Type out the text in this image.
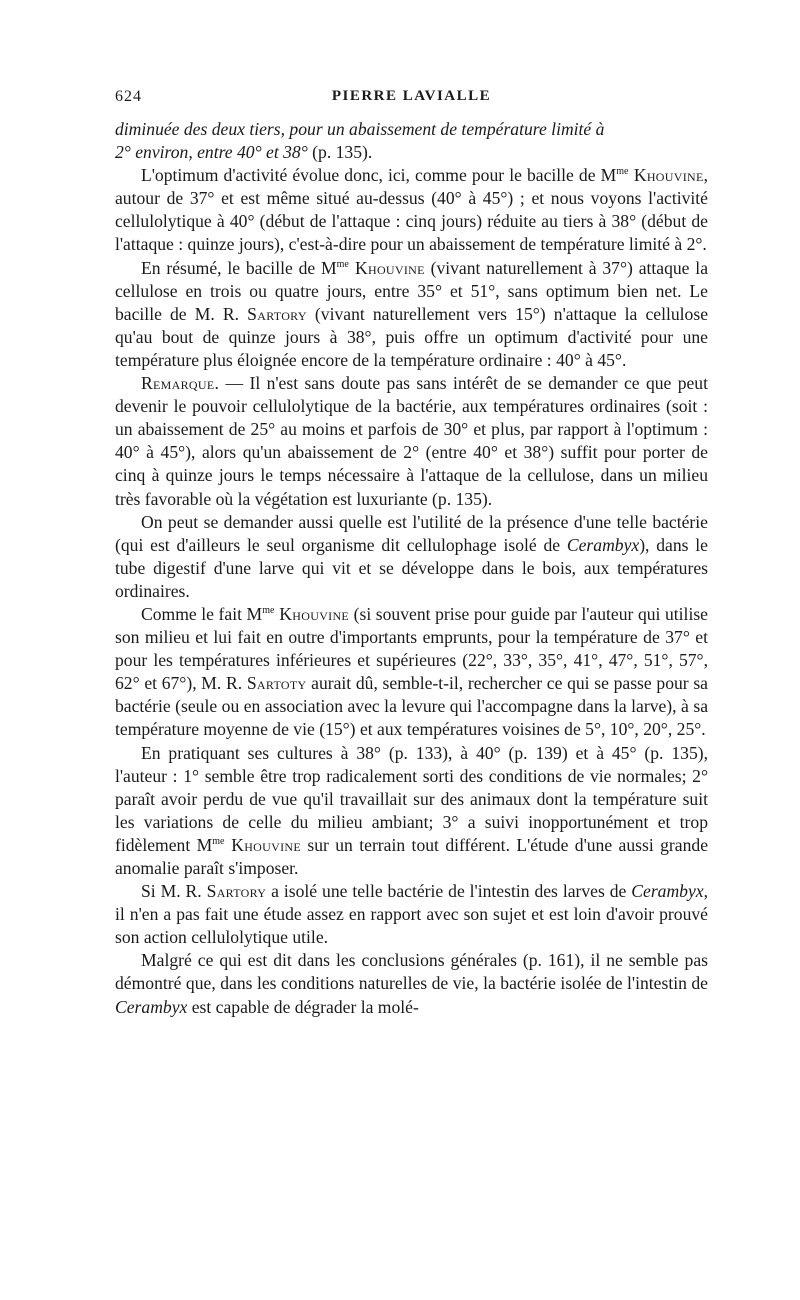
624	PIERRE LAVIALLE

diminuée des deux tiers, pour un abaissement de température limité à
2° environ, entre 40° et 38° (p. 135).

L'optimum d'activité évolue donc, ici, comme pour le bacille de $M^{me}$ Khouvine, autour de 37° et est même situé au-dessus (40° à 45°) ; et nous voyons l'activité cellulolytique à 40° (début de l'attaque : cinq jours) réduite au tiers à 38° (début de l'attaque : quinze jours), c'est-à-dire pour un abaissement de température limité à 2°.

En résumé, le bacille de $M^{me}$ Khouvine (vivant naturellement à 37°) attaque la cellulose en trois ou quatre jours, entre 35° et 51°, sans optimum bien net. Le bacille de M. R. Sartory (vivant naturellement vers 15°) n'attaque la cellulose qu'au bout de quinze jours à 38°, puis offre un optimum d'activité pour une température plus éloignée encore de la température ordinaire : 40° à 45°.

Remarque. — Il n'est sans doute pas sans intérêt de se demander ce que peut devenir le pouvoir cellulolytique de la bactérie, aux températures ordinaires (soit : un abaissement de 25° au moins et parfois de 30° et plus, par rapport à l'optimum : 40° à 45°), alors qu'un abaissement de 2° (entre 40° et 38°) suffit pour porter de cinq à quinze jours le temps nécessaire à l'attaque de la cellulose, dans un milieu très favorable où la végétation est luxuriante (p. 135).

On peut se demander aussi quelle est l'utilité de la présence d'une telle bactérie (qui est d'ailleurs le seul organisme dit cellulophage isolé de Cerambyx), dans le tube digestif d'une larve qui vit et se développe dans le bois, aux températures ordinaires.

Comme le fait $M^{me}$ Khouvine (si souvent prise pour guide par l'auteur qui utilise son milieu et lui fait en outre d'importants emprunts, pour la température de 37° et pour les températures inférieures et supérieures (22°, 33°, 35°, 41°, 47°, 51°, 57°, 62° et 67°), M. R. Sartoty aurait dû, semble-t-il, rechercher ce qui se passe pour sa bactérie (seule ou en association avec la levure qui l'accompagne dans la larve), à sa température moyenne de vie (15°) et aux températures voisines de 5°, 10°, 20°, 25°.

En pratiquant ses cultures à 38° (p. 133), à 40° (p. 139) et à 45° (p. 135), l'auteur : 1° semble être trop radicalement sorti des conditions de vie normales; 2° paraît avoir perdu de vue qu'il travaillait sur des animaux dont la température suit les variations de celle du milieu ambiant; 3° a suivi inopportunément et trop fidèlement $M^{me}$ Khouvine sur un terrain tout différent. L'étude d'une aussi grande anomalie paraît s'imposer.

Si M. R. Sartory a isolé une telle bactérie de l'intestin des larves de Cerambyx, il n'en a pas fait une étude assez en rapport avec son sujet et est loin d'avoir prouvé son action cellulolytique utile.

Malgré ce qui est dit dans les conclusions générales (p. 161), il ne semble pas démontré que, dans les conditions naturelles de vie, la bactérie isolée de l'intestin de Cerambyx est capable de dégrader la molé-
